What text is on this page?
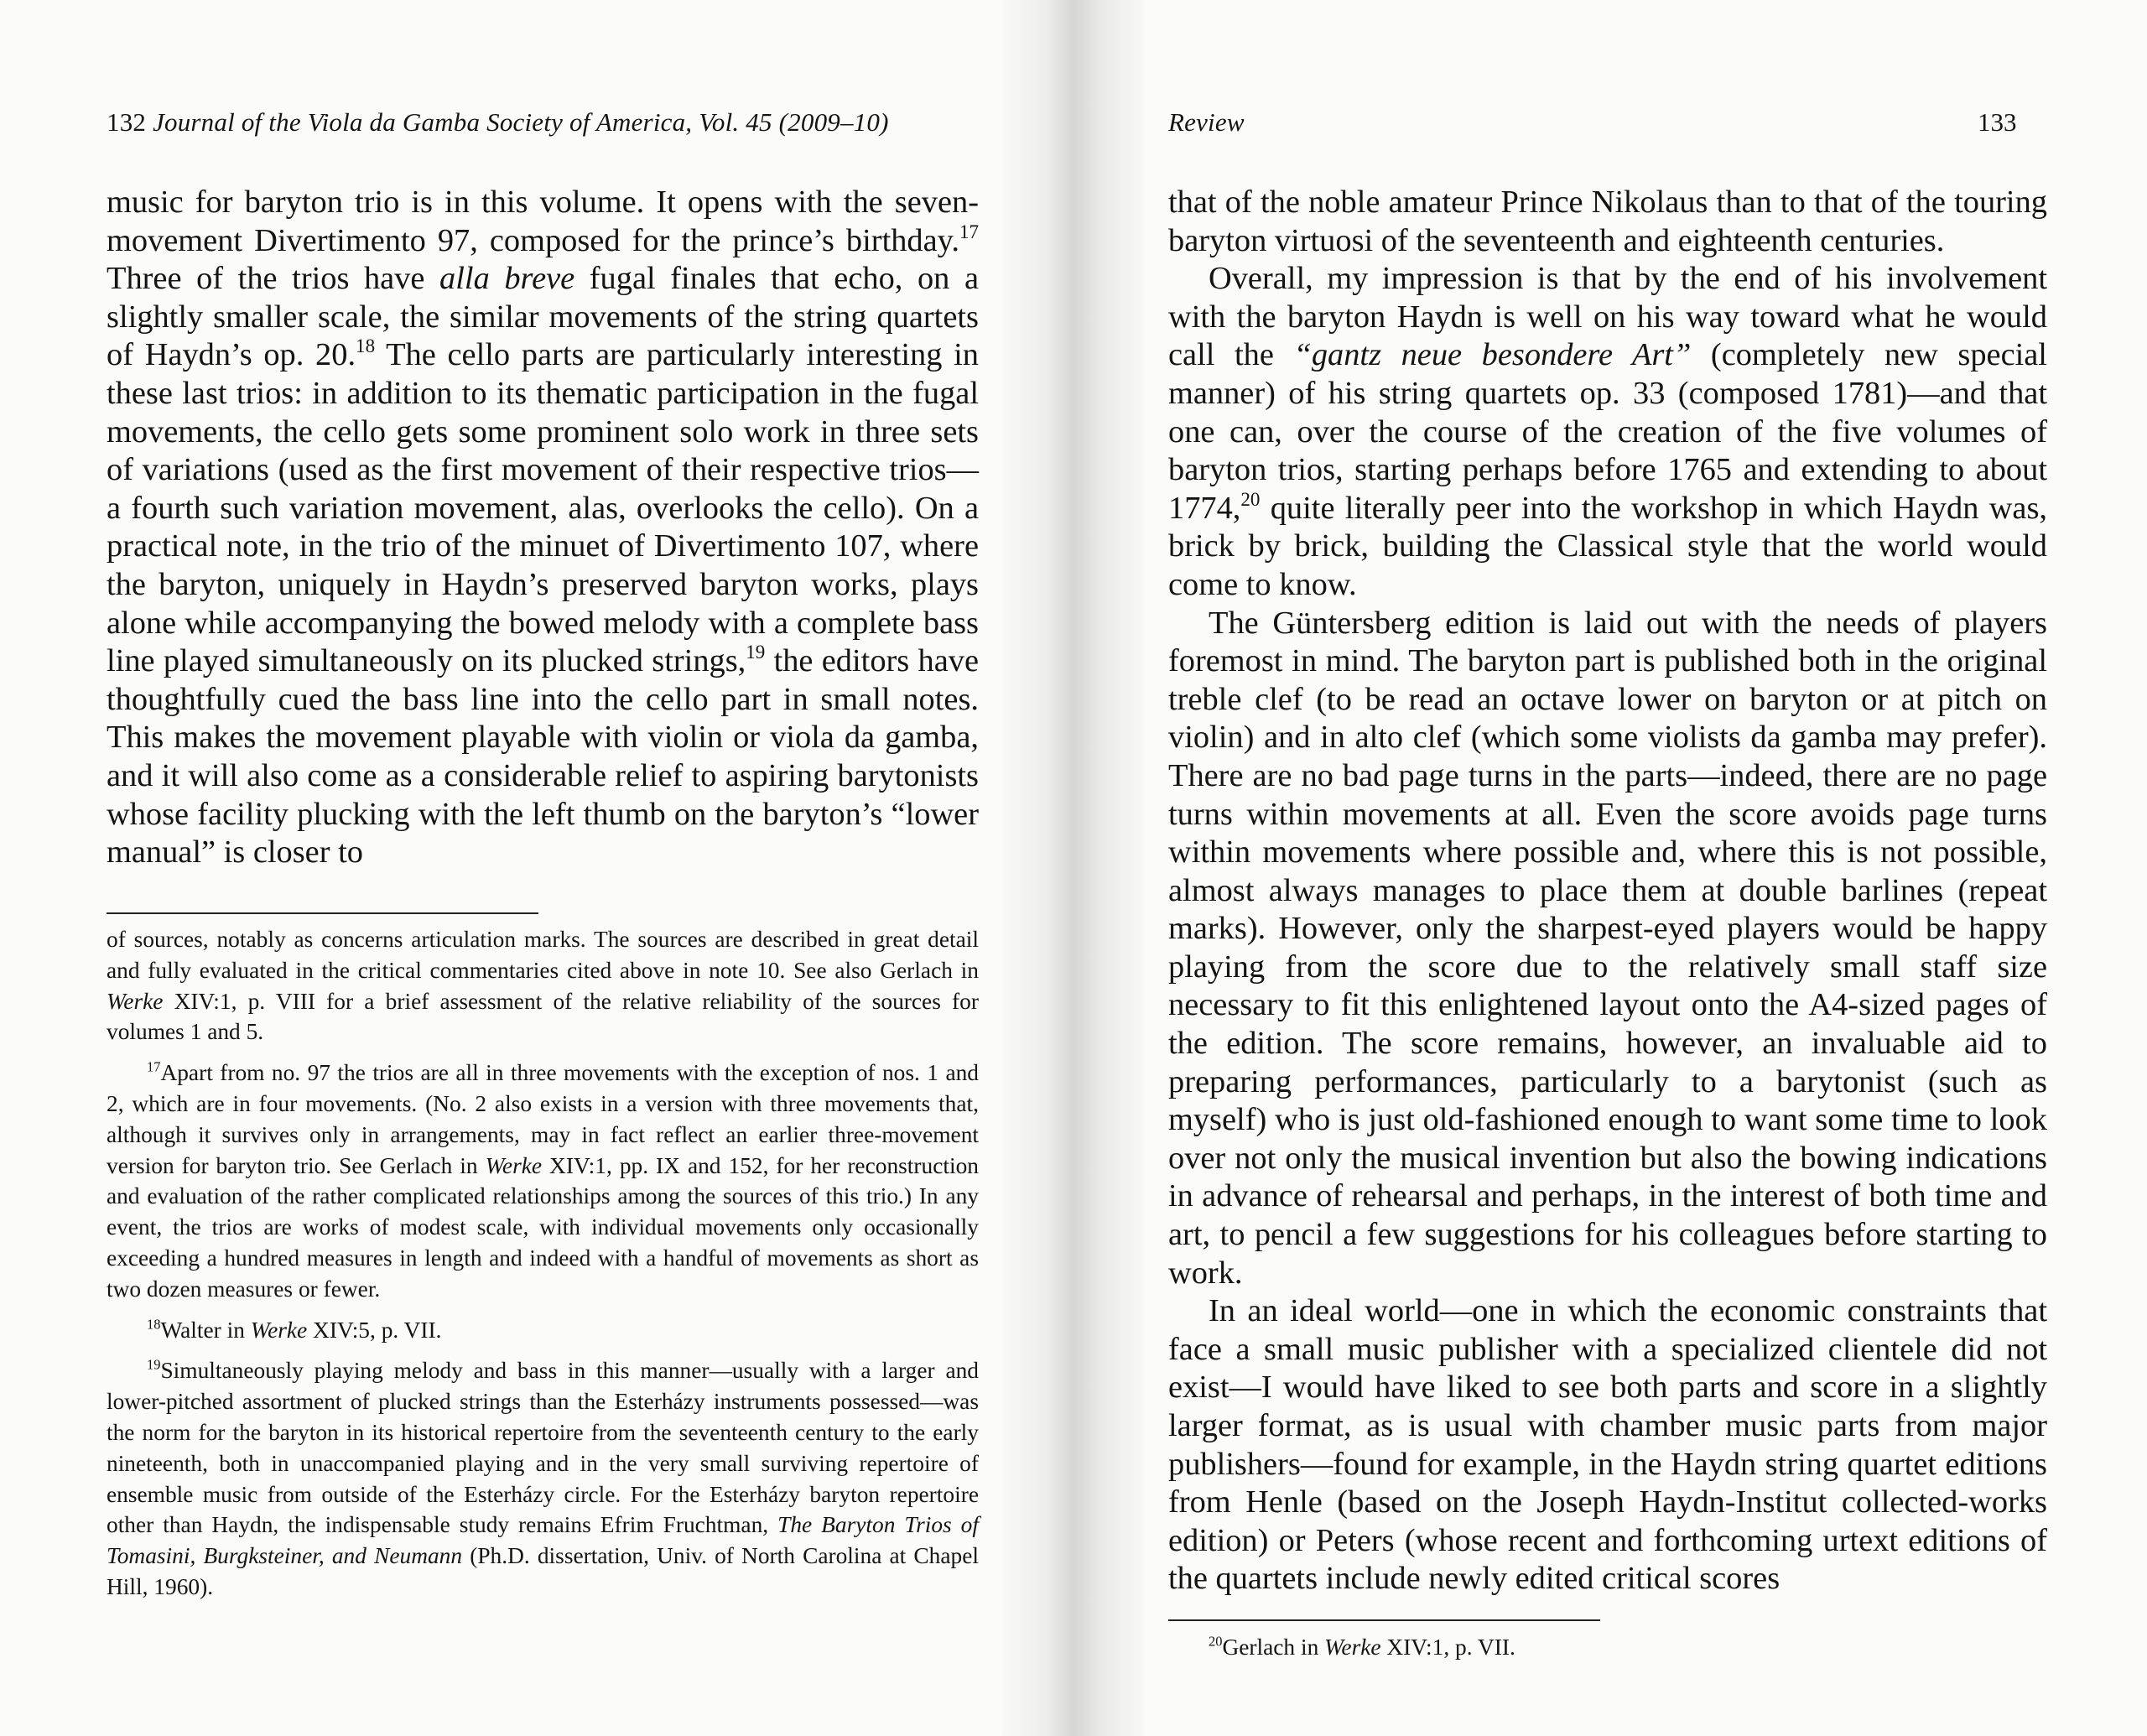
132 Journal of the Viola da Gamba Society of America, Vol. 45 (2009–10)
music for baryton trio is in this volume. It opens with the seven-movement Divertimento 97, composed for the prince’s birthday.$^{17}$ Three of the trios have alla breve fugal finales that echo, on a slightly smaller scale, the similar movements of the string quartets of Haydn’s op. 20.18 The cello parts are particularly interesting in these last trios: in addition to its thematic participation in the fugal movements, the cello gets some prominent solo work in three sets of variations (used as the first movement of their respective trios—a fourth such variation movement, alas, overlooks the cello). On a practical note, in the trio of the minuet of Divertimento 107, where the baryton, uniquely in Haydn’s preserved baryton works, plays alone while accompanying the bowed melody with a complete bass line played simultaneously on its plucked strings,$^{19}$ the editors have thoughtfully cued the bass line into the cello part in small notes. This makes the movement playable with violin or viola da gamba, and it will also come as a considerable relief to aspiring barytonists whose facility plucking with the left thumb on the baryton’s “lower manual” is closer to

of sources, notably as concerns articulation marks. The sources are described in great detail and fully evaluated in the critical commentaries cited above in note 10. See also Gerlach in Werke XIV:1, p. VIII for a brief assessment of the relative reliability of the sources for volumes 1 and 5.

$^{17}$Apart from no. 97 the trios are all in three movements with the exception of nos. 1 and 2, which are in four movements. (No. 2 also exists in a version with three movements that, although it survives only in arrangements, may in fact reflect an earlier three-movement version for baryton trio. See Gerlach in Werke XIV:1, pp. IX and 152, for her reconstruction and evaluation of the rather complicated relationships among the sources of this trio.) In any event, the trios are works of modest scale, with individual movements only occasionally exceeding a hundred measures in length and indeed with a handful of movements as short as two dozen measures or fewer.

$^{18}$Walter in Werke XIV:5, p. VII.

$^{19}$Simultaneously playing melody and bass in this manner—usually with a larger and lower-pitched assortment of plucked strings than the Esterházy instruments possessed—was the norm for the baryton in its historical repertoire from the seventeenth century to the early nineteenth, both in unaccompanied playing and in the very small surviving repertoire of ensemble music from outside of the Esterházy circle. For the Esterházy baryton repertoire other than Haydn, the indispensable study remains Efrim Fruchtman, The Baryton Trios of Tomasini, Burgksteiner, and Neumann (Ph.D. dissertation, Univ. of North Carolina at Chapel Hill, 1960).

Review	133

that of the noble amateur Prince Nikolaus than to that of the touring baryton virtuosi of the seventeenth and eighteenth centuries.

Overall, my impression is that by the end of his involvement with the baryton Haydn is well on his way toward what he would call the “gantz neue besondere Art” (completely new special manner) of his string quartets op. 33 (composed 1781)—and that one can, over the course of the creation of the five volumes of baryton trios, starting perhaps before 1765 and extending to about 1774,20 quite literally peer into the workshop in which Haydn was, brick by brick, building the Classical style that the world would come to know.

The Güntersberg edition is laid out with the needs of players foremost in mind. The baryton part is published both in the original treble clef (to be read an octave lower on baryton or at pitch on violin) and in alto clef (which some violists da gamba may prefer). There are no bad page turns in the parts—indeed, there are no page turns within movements at all. Even the score avoids page turns within movements where possible and, where this is not possible, almost always manages to place them at double barlines (repeat marks). However, only the sharpest-eyed players would be happy playing from the score due to the relatively small staff size necessary to fit this enlightened layout onto the A4-sized pages of the edition. The score remains, however, an invaluable aid to preparing performances, particularly to a barytonist (such as myself) who is just old-fashioned enough to want some time to look over not only the musical invention but also the bowing indications in advance of rehearsal and perhaps, in the interest of both time and art, to pencil a few suggestions for his colleagues before starting to work.

In an ideal world—one in which the economic constraints that face a small music publisher with a specialized clientele did not exist—I would have liked to see both parts and score in a slightly larger format, as is usual with chamber music parts from major publishers—found for example, in the Haydn string quartet editions from Henle (based on the Joseph Haydn-Institut collected-works edition) or Peters (whose recent and forthcoming urtext editions of the quartets include newly edited critical scores

$^{20}$Gerlach in Werke XIV:1, p. VII.
